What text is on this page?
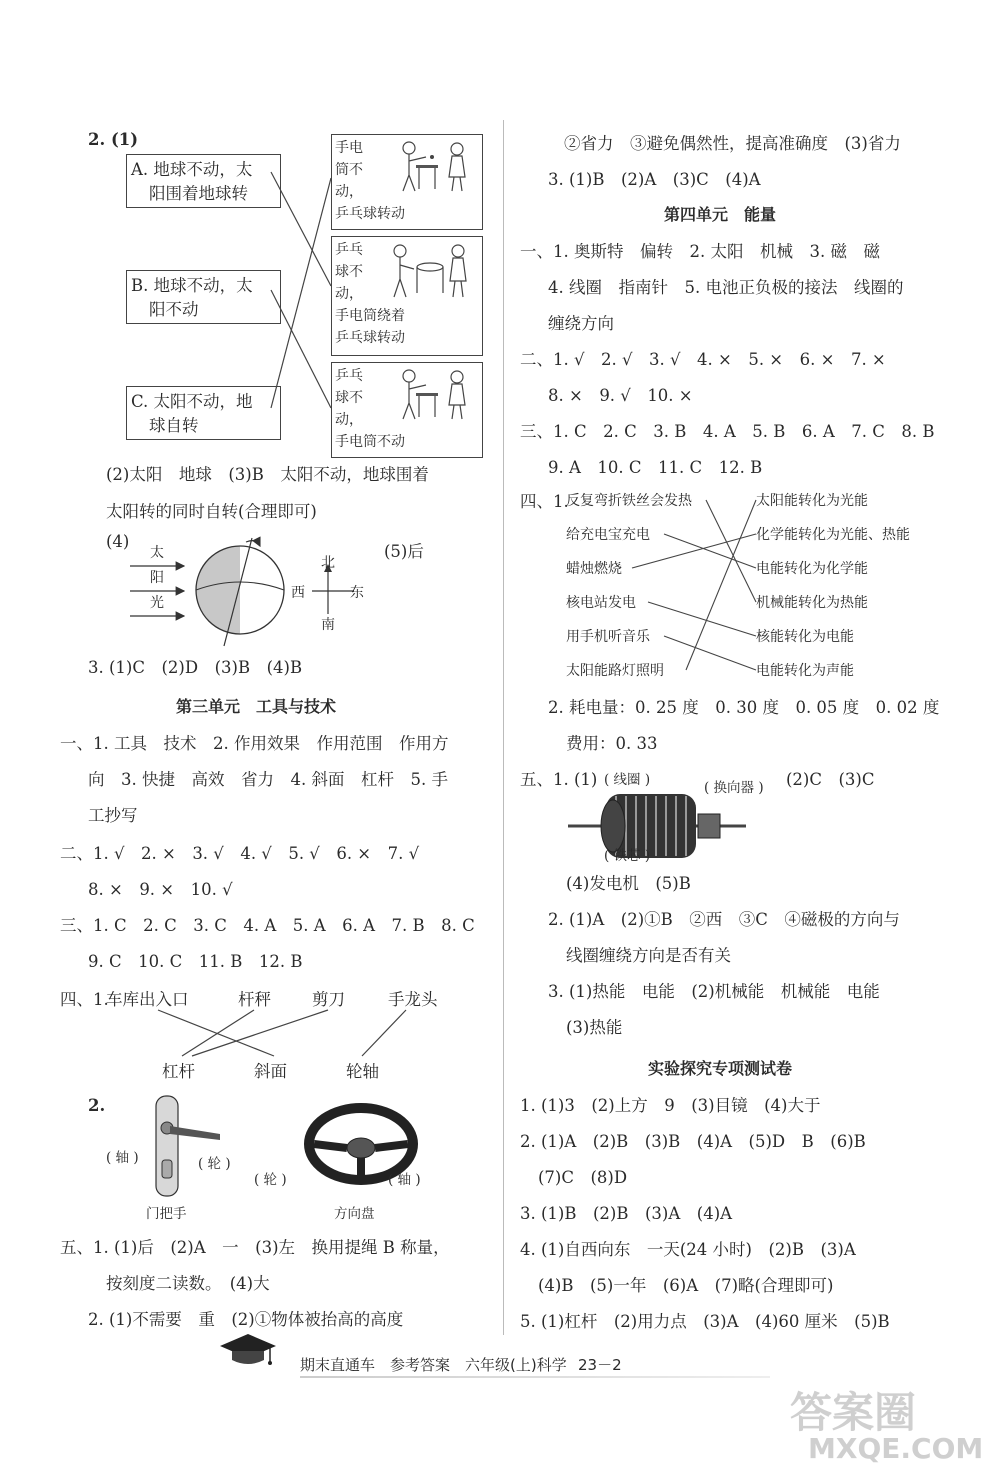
2. (1)
A. 地球不动，太
阳围着地球转
B. 地球不动，太
阳不动
C. 太阳不动，地
球自转
手电
筒不
动，
乒乓球转动
乒乓
球不
动，
手电筒绕着
乒乓球转动
乒乓
球不
动，
手电筒不动
(2)太阳　地球　(3)B　太阳不动，地球围着
太阳转的同时自转(合理即可)
(4)
太
阳
光
北
南
西	东
(5)后
3. (1)C　(2)D　(3)B　(4)B
第三单元　工具与技术
一、1. 工具　技术　2. 作用效果　作用范围　作用方
向　3. 快捷　高效　省力　4. 斜面　杠杆　5. 手
工抄写
二、1. √　2. ×　3. √　4. √　5. √　6. ×　7. √
8. ×　9. ×　10. √
三、1. C　2. C　3. C　4. A　5. A　6. A　7. B　8. C
9. C　10. C　11. B　12. B
四、1.
车库出入口	杆秤 剪刀	手龙头
杠杆	斜面	轮轴
2.
( 轴 )	( 轮 )
门把手
( 轮 )	( 轴 )
方向盘
五、1. (1)后　(2)A　一　(3)左　换用提绳 B 称量，
按刻度二读数。　(4)大
2. (1)不需要　重　(2)①物体被抬高的高度
②省力　③避免偶然性，提高准确度　(3)省力
3. (1)B　(2)A　(3)C　(4)A
第四单元　能量
一、1. 奥斯特　偏转　2. 太阳　机械　3. 磁　磁
4. 线圈　指南针　5. 电池正负极的接法　线圈的
缠绕方向
二、1. √　2. √　3. √　4. ×　5. ×　6. ×　7. ×
8. ×　9. √　10. ×
三、1. C　2. C　3. B　4. A　5. B　6. A　7. C　8. B
9. A　10. C　11. C　12. B
四、1.
反复弯折铁丝会发热
给充电宝充电
蜡烛燃烧
核电站发电
用手机听音乐
太阳能路灯照明
太阳能转化为光能
化学能转化为光能、热能
电能转化为化学能
机械能转化为热能
核能转化为电能
电能转化为声能
2. 耗电量：0. 25 度　0. 30 度　0. 05 度　0. 02 度
费用：0. 33
五、1. (1) ( 线圈 )	( 换向器 )
( 铁芯 )
(2)C　(3)C
(4)发电机　(5)B
2. (1)A　(2)①B　②西　③C　④磁极的方向与
线圈缠绕方向是否有关
3. (1)热能　电能　(2)机械能　机械能　电能
(3)热能
实验探究专项测试卷
1. (1)3　(2)上方　9　(3)目镜　(4)大于
2. (1)A　(2)B　(3)B　(4)A　(5)D　B　(6)B
(7)C　(8)D
3. (1)B　(2)B　(3)A　(4)A
4. (1)自西向东　一天(24 小时)　(2)B　(3)A
(4)B　(5)一年　(6)A　(7)略(合理即可)
5. (1)杠杆　(2)用力点　(3)A　(4)60 厘米　(5)B
期末直通车　参考答案　六年级(上)科学 23－2
答案圈
MXQE.COM
